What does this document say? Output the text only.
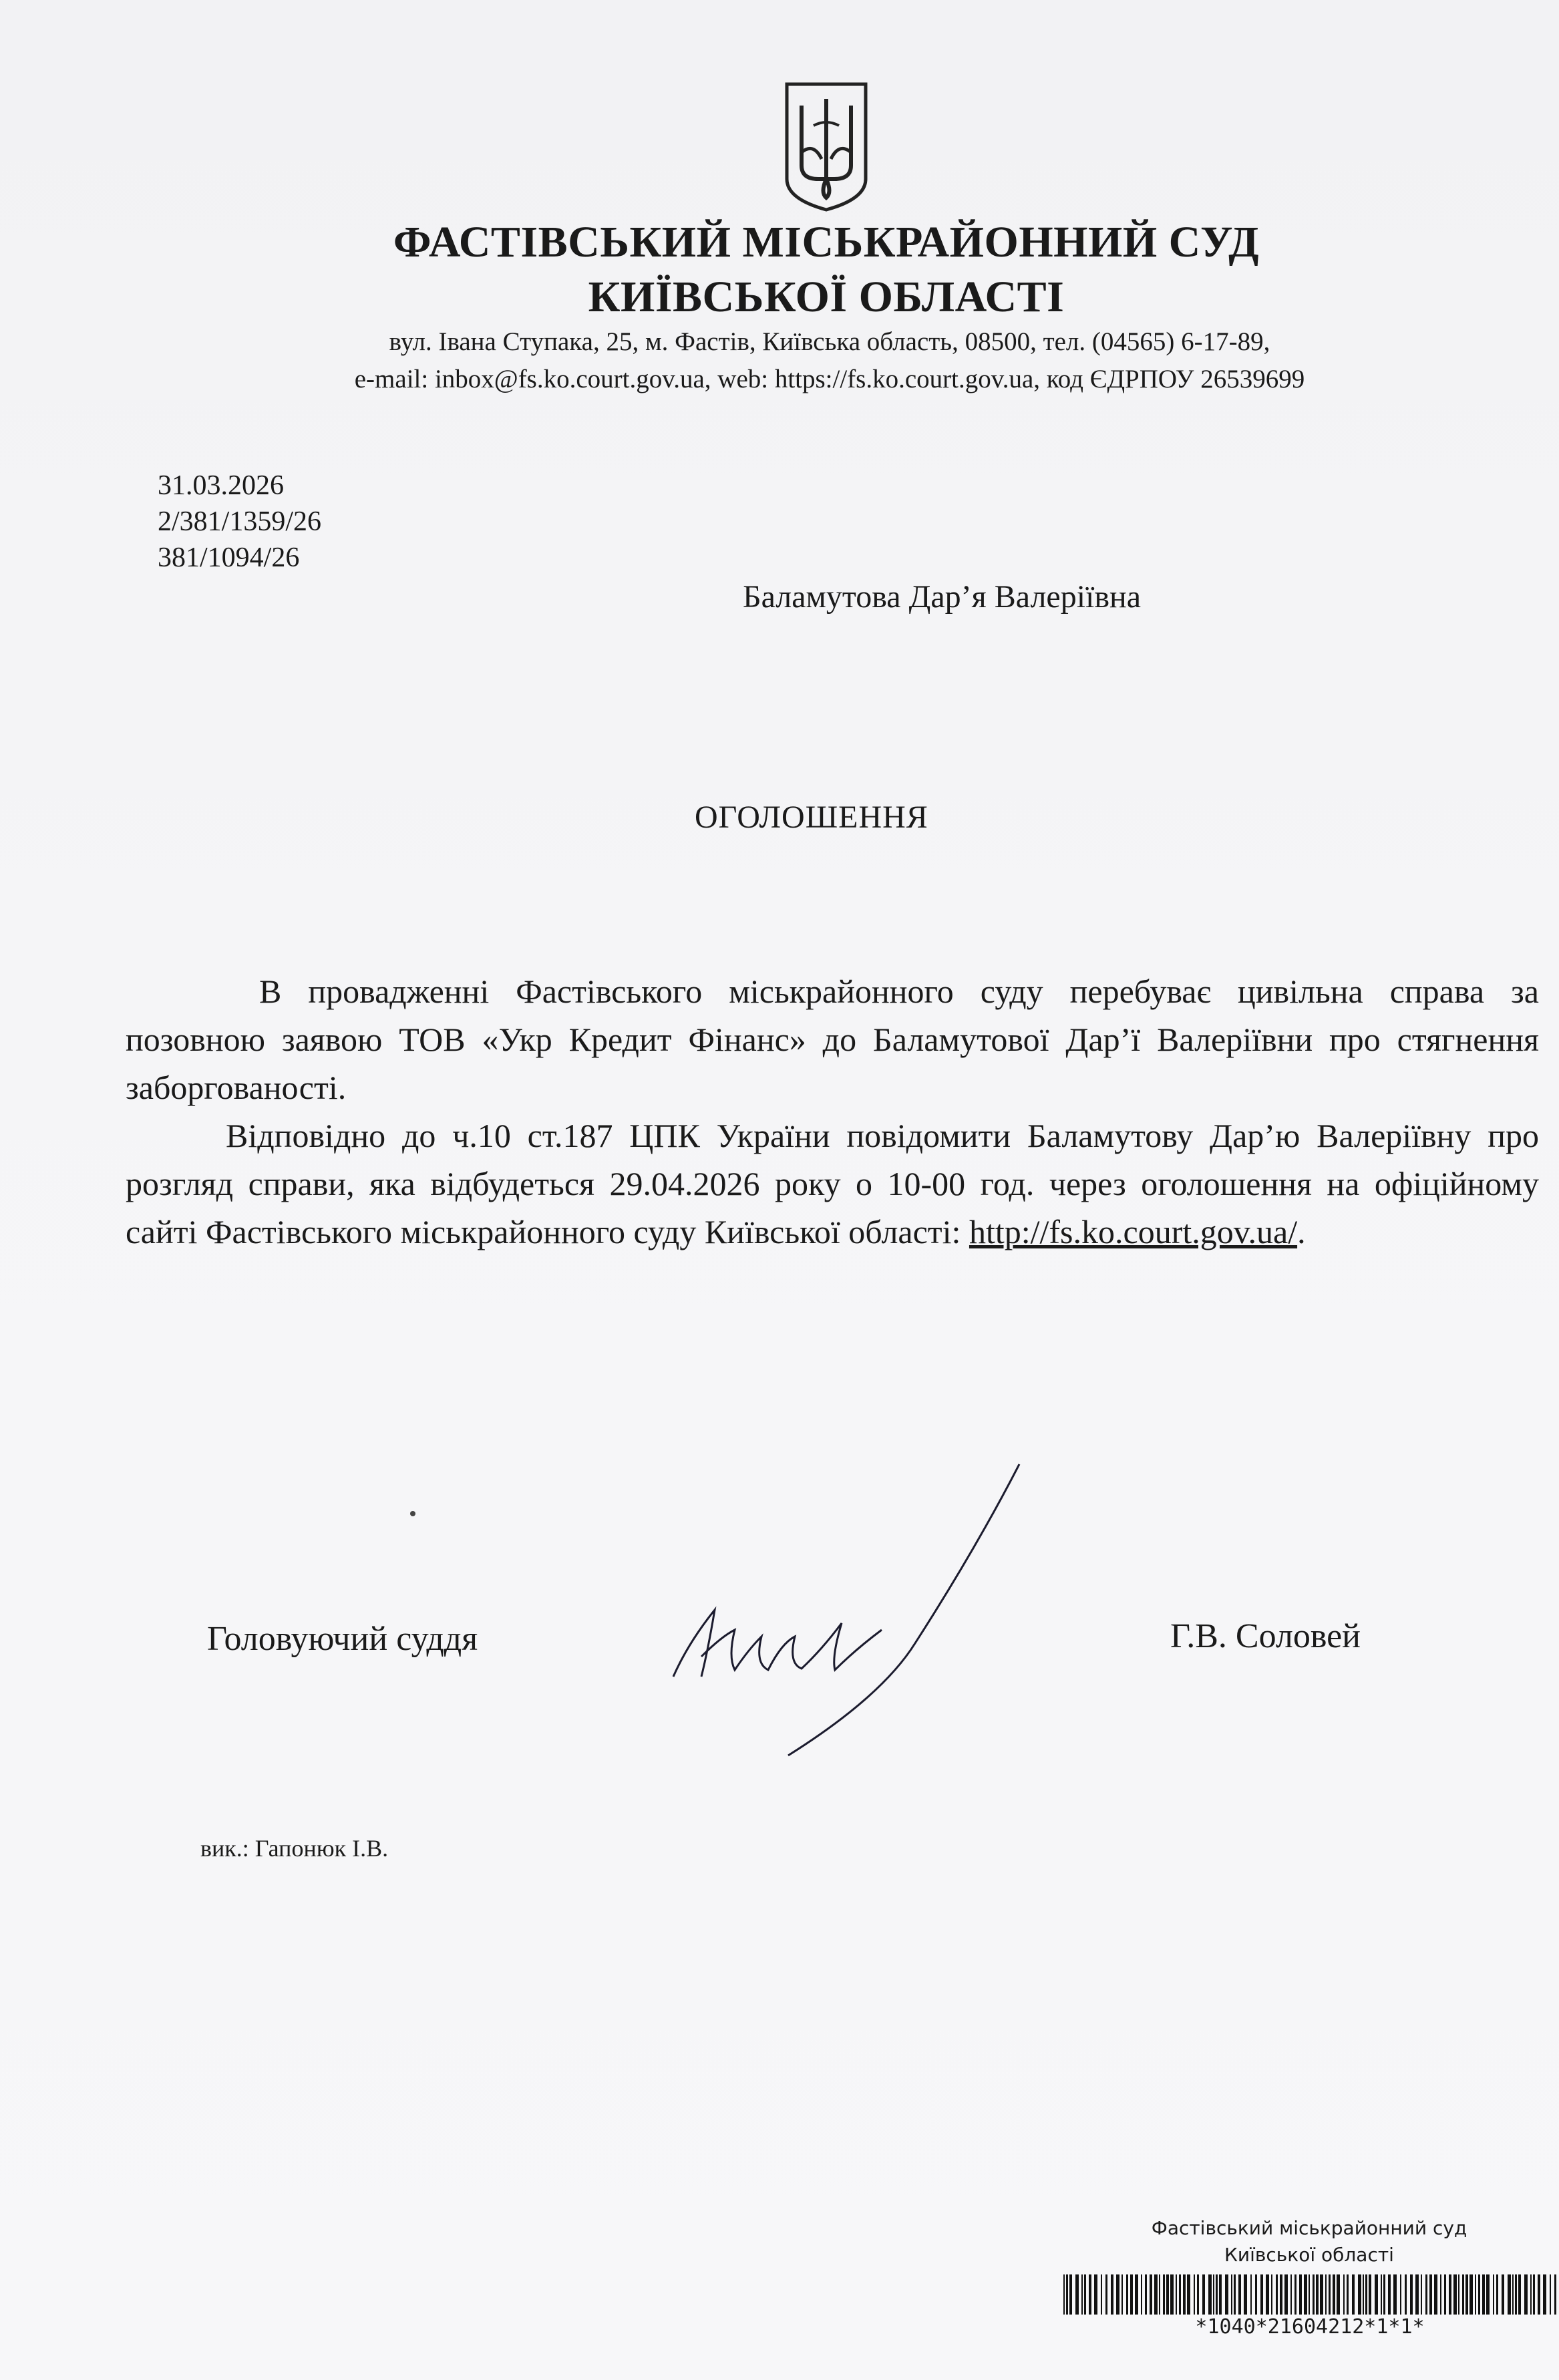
ФАСТІВСЬКИЙ МІСЬКРАЙОННИЙ СУД
КИЇВСЬКОЇ ОБЛАСТІ
вул. Івана Ступака, 25, м. Фастів, Київська область, 08500, тел. (04565) 6-17-89,
e-mail: inbox@fs.ko.court.gov.ua, web: https://fs.ko.court.gov.ua, код ЄДРПОУ 26539699
31.03.2026
2/381/1359/26
381/1094/26
Баламутова Дар’я Валеріївна
ОГОЛОШЕННЯ

В провадженні Фастівського міськрайонного суду перебуває цивільна справа за позовною заявою ТОВ «Укр Кредит Фінанс» до Баламутової Дар’ї Валеріївни про стягнення заборгованості.

Відповідно до ч.10 ст.187 ЦПК України повідомити Баламутову Дар’ю Валеріївну про розгляд справи, яка відбудеться 29.04.2026 року о 10-00 год. через оголошення на офіційному сайті Фастівського міськрайонного суду Київської області: http://fs.ko.court.gov.ua/.

Головуючий суддя	Г.В. Соловей
вик.: Гапонюк І.В.
Фастівський міськрайонний суд
Київської області
*1040*21604212*1*1*
